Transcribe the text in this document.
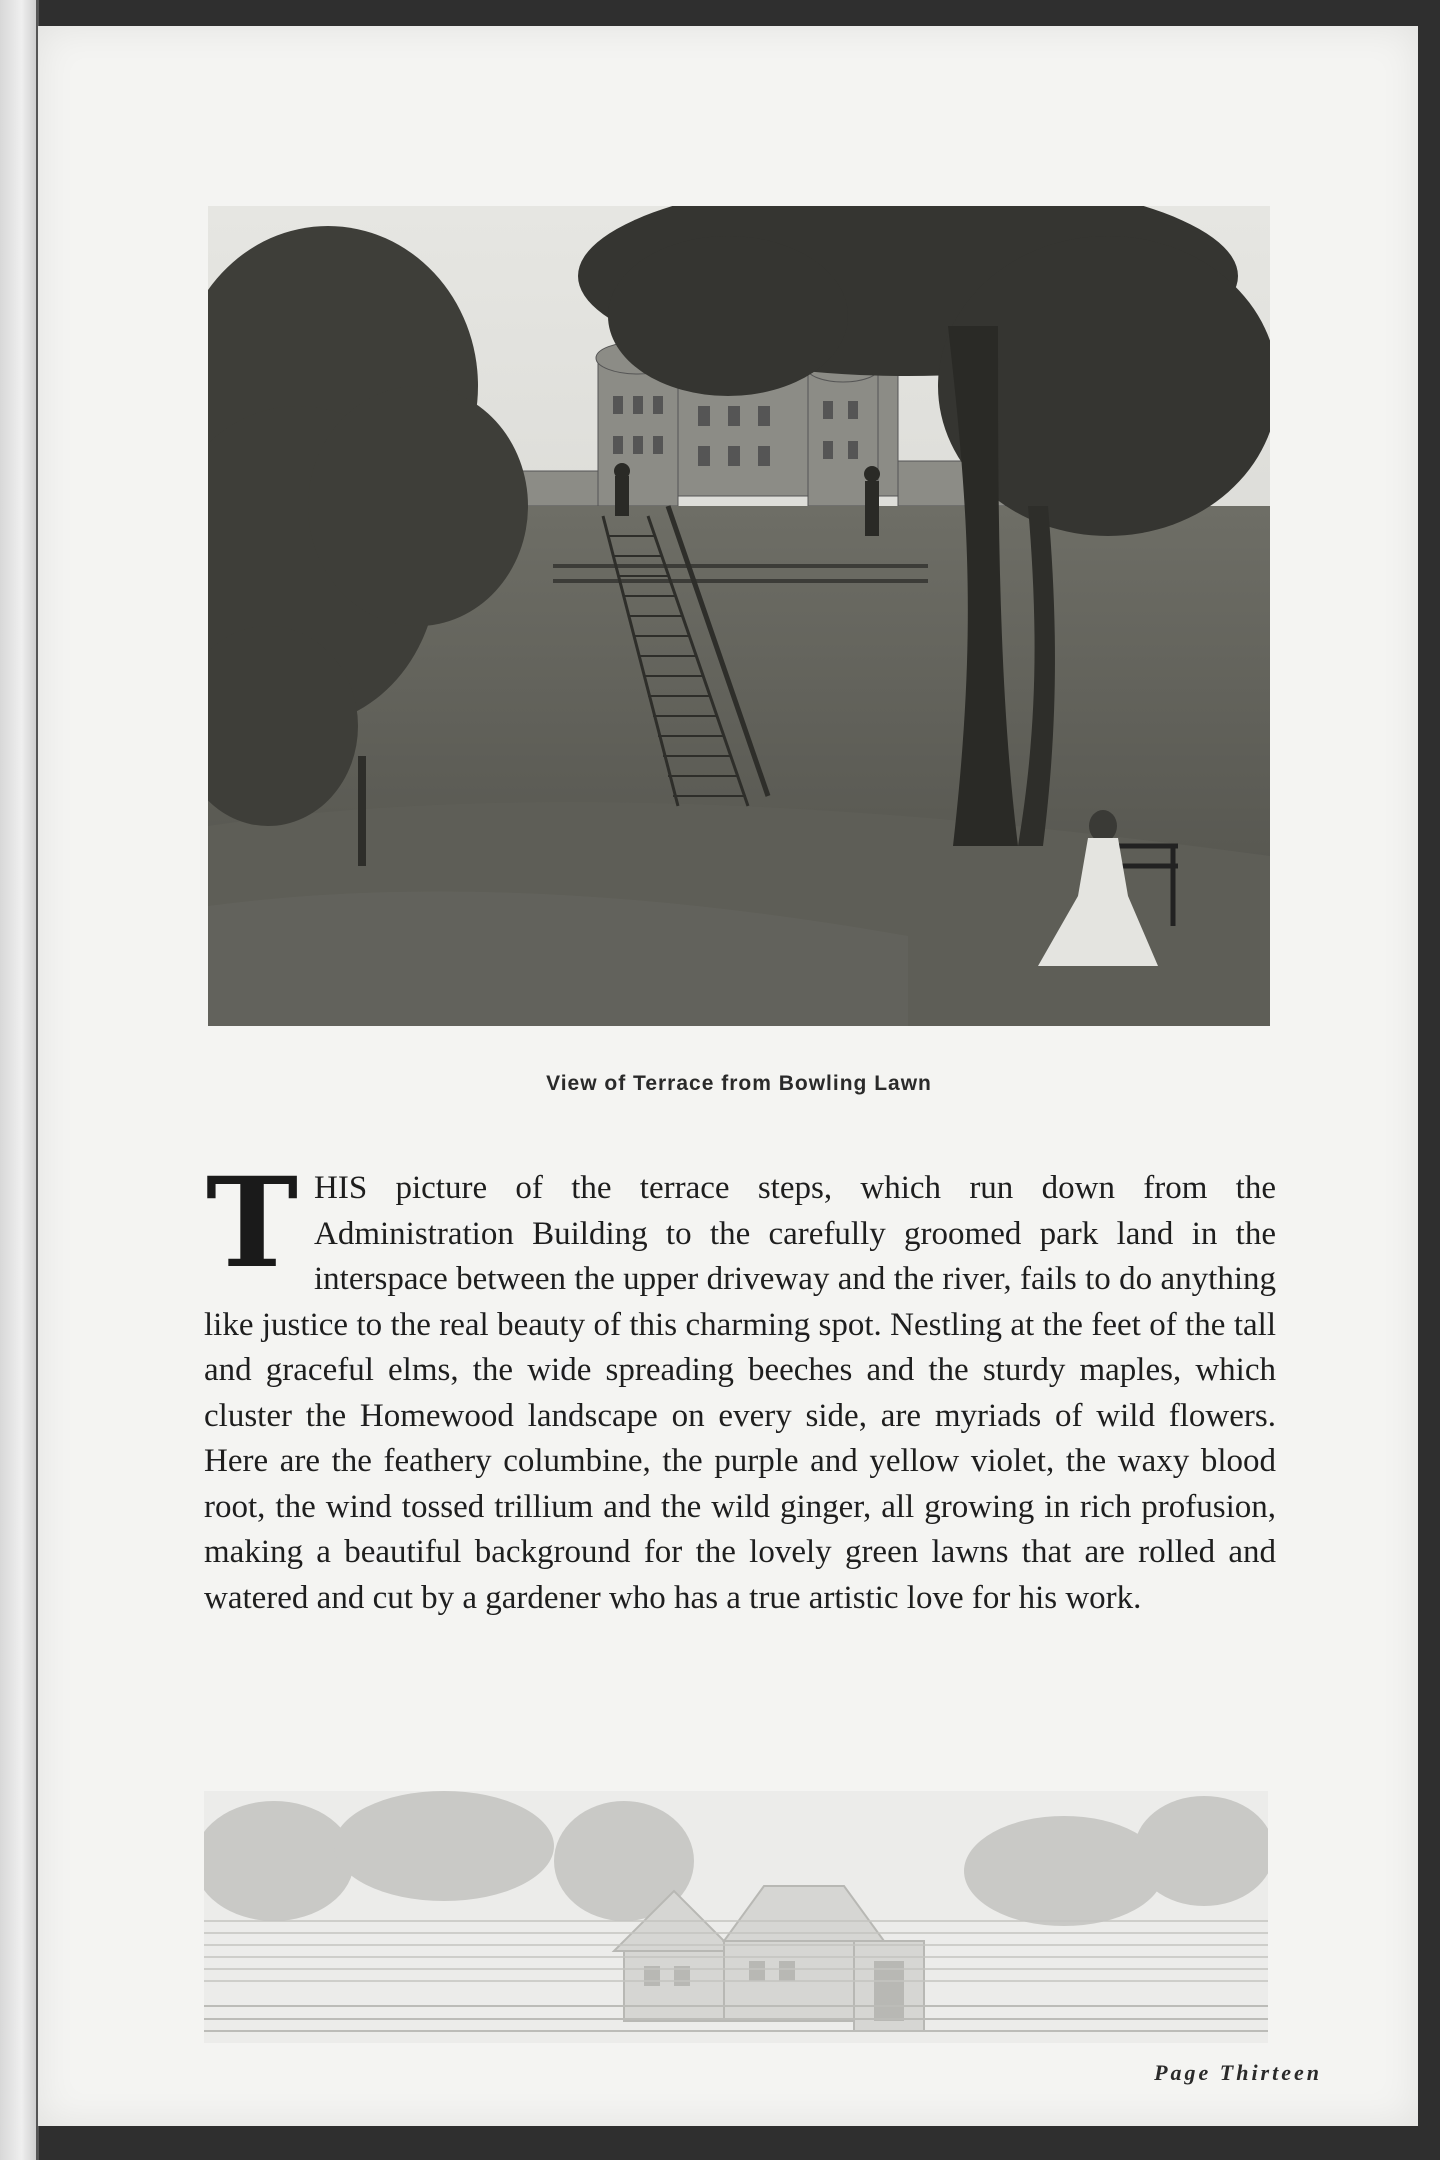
View of Terrace from Bowling Lawn
THIS picture of the terrace steps, which run down from the Administration Building to the carefully groomed park land in the interspace between the upper driveway and the river, fails to do anything like justice to the real beauty of this charming spot. Nestling at the feet of the tall and graceful elms, the wide spreading beeches and the sturdy maples, which cluster the Homewood landscape on every side, are myriads of wild flowers. Here are the feathery columbine, the purple and yellow violet, the waxy blood root, the wind tossed trillium and the wild ginger, all growing in rich profusion, making a beautiful background for the lovely green lawns that are rolled and watered and cut by a gardener who has a true artistic love for his work.
Page Thirteen
